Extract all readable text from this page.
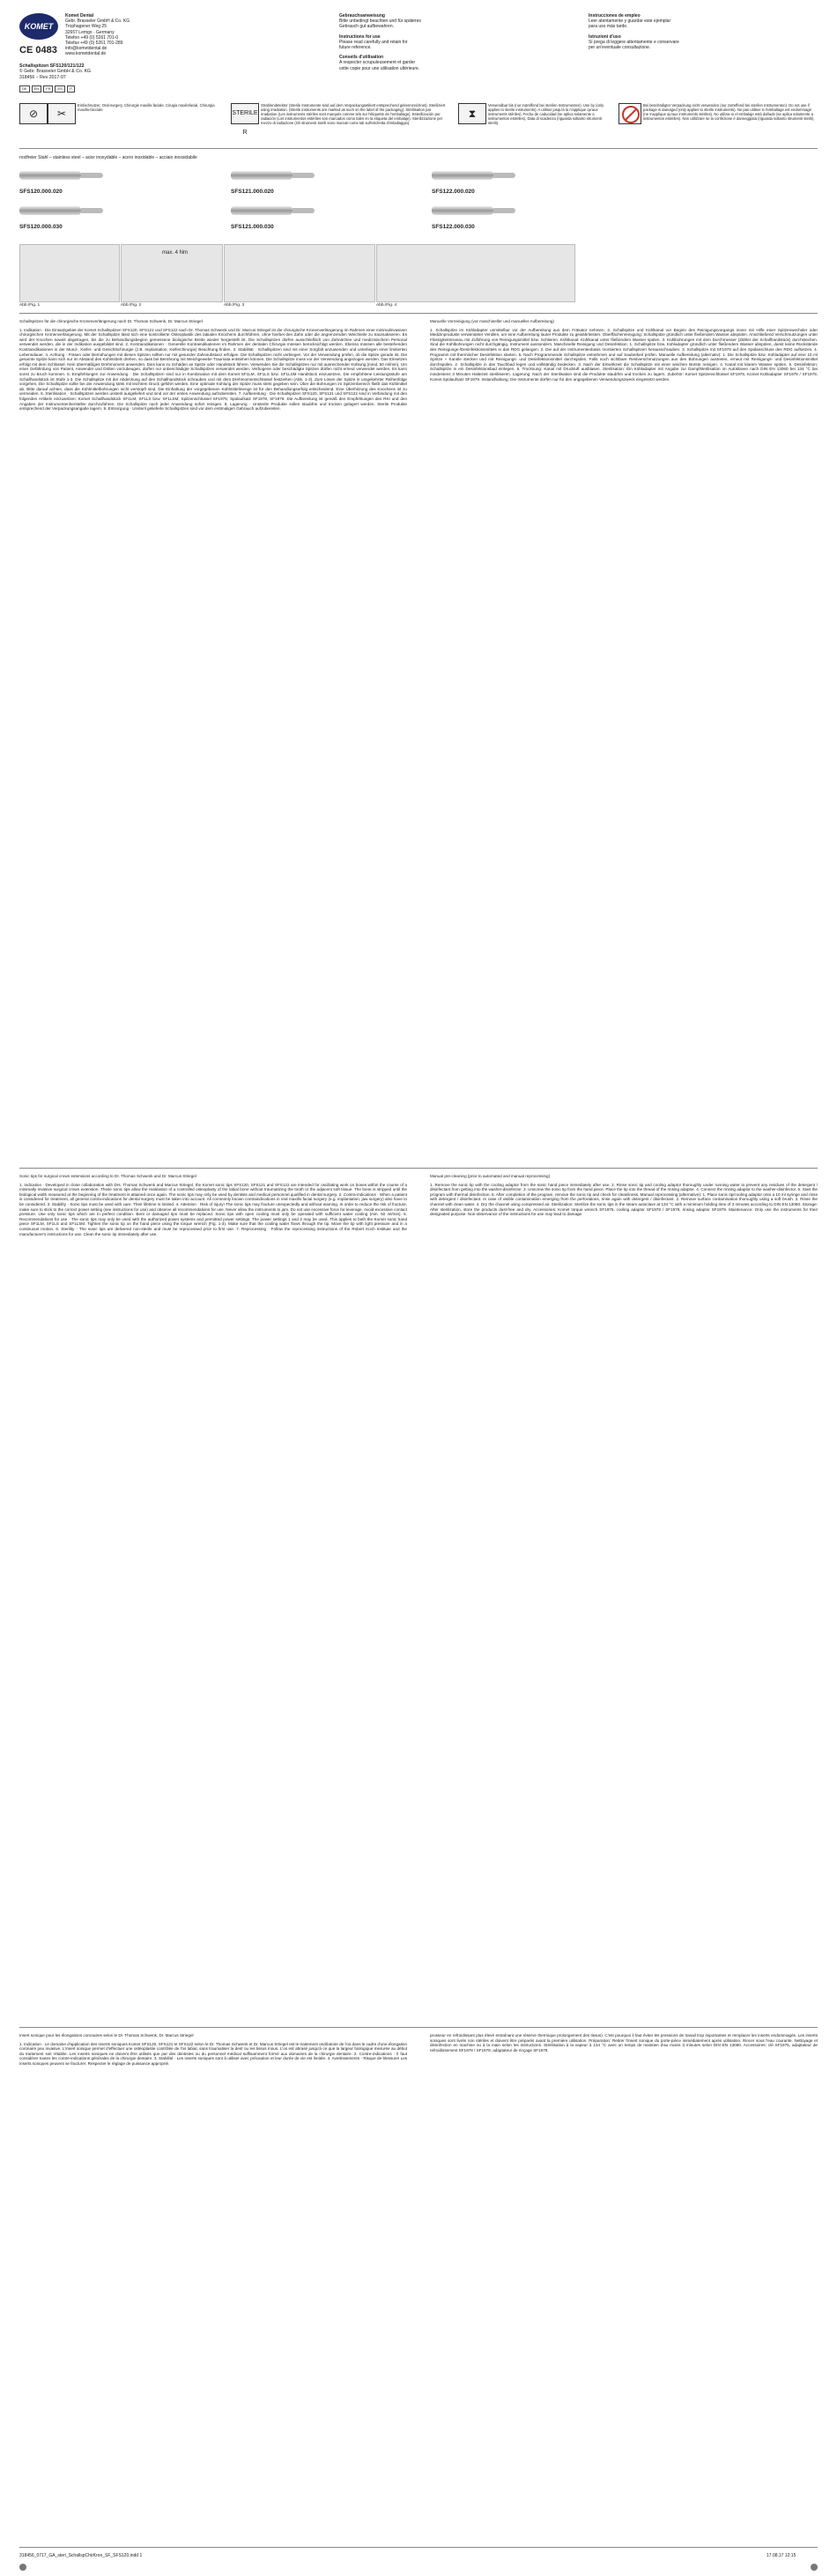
KOMET
Komet Dental
Gebr. Brasseler GmbH & Co. KG
Trophagener Weg 25
32657 Lemgo · Germany
Telefon +49 (0) 5261 701-0
Telefax +49 (0) 5261 701-289
info@kometdental.de
www.kometdental.de
CE 0483
Schallspitzen SFS120/121/122
© Gebr. Brasseler GmbH & Co. KG
318456 – Rev 2017-07
DE	EN	FR	ES	IT
Gebrauchsanweisung
Bitte unbedingt beachten und für späteres
Gebrauch gut aufbewahren.
Instructions for use
Please read carefully and retain for
future reference.
Conseils d'utilisation
A respecter scrupuleusement et garder
cette copie pour une utilisation ultérieure.
Instrucciones de empleo
Leer atentamente y guardar este ejemplar
para uso más tarde.
Istruzioni d'uso
Si prega di leggere attentamente e conservare
per un'eventuale consultazione.
⊘	✂
Einfachnutzer, Oral-surgery, Chirurgie maxillo-faciale, Cirugia maxilofacial, Chirurgia maxillo-facciale
STERILE R
Strahlendetektor (Sterile Instrumente sind auf dem Verpackungsetikett entsprechend gekennzeichnet). Steriliziert using irradiation. (Sterile instruments are marked as such on the label of the packaging). Stérilisation par irradiation (Les instruments stériles sont marqués comme tels sur l'étiquette de l'emballage). Esterilización por radiación (Los instrumentos estériles son marcados como tales en la etiqueta del embalaje). Sterilizzazione per mezzo di radiazione (Gli strumenti sterili sono marcati come tali sull'etichetta d'imballaggio).
⧗
Verwendbar bis (nur zutreffend bei sterilen Instrumenten). Use by (only applies to sterile instruments). A utiliser jusqu'à la n'applique qu'aux instruments stériles). Fecha de caducidad (se aplica solamente a instrumentos estériles). Data di scadenza (riguarda soltanto strumenti sterili).
Bei beschädigter Verpackung nicht verwenden (nur zutreffend bei sterilen Instrumenten). Do not use if package is damaged (only applies to sterile instruments). Ne pas utiliser si l'emballage est endommagé (ne s'applique qu'aux instruments stériles). No utilizar si el embalaje está dañado (se aplica solamente a instrumentos estériles). Non utilizzare se la confezione è danneggiata (riguarda soltanto strumenti sterili).
rostfreier Stahl – stainless steel – acier inoxydable – acero inoxidable – acciaio inossidabile
SFS120.000.020	SFS121.000.020	SFS122.000.020
SFS120.000.030	SFS121.000.030	SFS122.000.030
Abb./Fig. 1
max. 4 Nm
Abb./Fig. 2	Abb./Fig. 3	Abb./Fig. 4

Schallspitzen für die chirurgische Kronenverlängerung nach Dr. Thomas Schwenk, Dr. Marcus Striegel

1. Indikation · Die Einsatzgebiet der Komet Schallspitzen SFS120, SFS121 und SFS122 nach Dr. Thomas Schwenk und Dr. Marcus Striegel ist die chirurgische Kronenverlängerung im Rahmen einer minimalinvasiven chirurgischen Kronenverlängerung. Mit der Schallspitze lässt sich eine kontrollierte Osteoplastik des labialen Knochens durchführen, ohne hierbei den Zahn oder die angrenzenden Weichteile zu traumatisieren. Es wird der Knochen soweit abgetragen, bis die zu Behandlungsbeginn gemessene biologische Breite wieder hergestellt ist. Die Schallspitzen dürfen ausschließlich von Zahnärzten und medizinischem Personal verwendet werden, die in der Indikation ausgebildet sind. 2. Kontraindikationen · Generelle Kontraindikationen im Rahmen der dentalen Chirurgie müssen berücksichtigt werden. Ebenso müssen alle bestehenden Kontraindikationen in der Mund-, Kiefer- und Gesichtschirurgie (z.B. Implantation, Kieferchirurgie) Beachtung finden. 3. Stabilität · Schallspitzen sind mit einer Sorgfalt anzuwenden und unterliegen einer limitierten Lebensdauer. 4. Achtung · Fräsen oder Bemühungen mit diesen Spitzen sollten nur mit gesunder Zahnsubstanz erfolgen. Die Schallspitzen nicht verbiegen. Vor der Verwendung prüfen, ob die Spitze gerade ist. Die gesamte Spitze kann sich nur im Abstand des Kühlmittels drehen, so dass bei Berührung mit Weichgewebe Traumata entstehen können. Die Schallspitze muss vor der Verwendung angezogen werden. Das Einsetzen erfolgt mit dem Schlüssel. Kein übermäßiges Drehmoment anwenden. Dies kann zu Schäden an Spitze oder Handstück führen. Verwenden Sie die Schallspitzen nur mit ausreichender Kühlung (mind. 50 ml/min). Um einer Gefährdung von Patient, Anwender und Dritten vorzubeugen, dürfen nur unbeschädigte Schallspitzen verwendet werden. Verbogene oder beschädigte Spitzen dürfen nicht erneut verwendet werden. Es kann sonst zu Bruch kommen. 5. Empfehlungen zur Anwendung · Die Schallspitzen sind nur in Kombination mit dem Komet SF1LM, SF1LS bzw. SF1LSM Handstück einzusetzen. Die empfohlene Leistungsstufe am Schallhandstück ist Stufe 1-3. Die Schallspitze mit der Abdeckung auf den Schallhandstück schrauben und mit dem Drehmomentschlüssel festziehen (Abb. 1-3). Zum Lösen der Spitze in umgekehrter Reihenfolge vorgehen. Die Schallspitze sollte bei der Anwendung stets mit leichtem Druck geführt werden. Eine optimale Kühlung der Spitze muss stets gegeben sein. Über die Bohrungen im Spitzenbereich fließt das Kühlmittel ab. Bitte darauf achten, dass die Kühlmittelbohrungen nicht verstopft sind. Die Einhaltung der vorgegebenen Kühlmittelmenge ist für den Behandlungserfolg entscheidend. Eine Überhitzung des Knochens ist zu vermeiden. 6. Sterilisation · Schallspitzen werden unsteril ausgeliefert und sind vor der ersten Anwendung aufzubereiten. 7. Aufbereitung · Die Schallspitzen SFS120, SFS121 und SFS122 sind in Verbindung mit den folgenden Artikeln einzusetzen: Komet Schallhandstück SF1LM, SF1LS bzw. SF1LSM; Spitzenschlüssel SF1975; Spülaufsatz SF1978, SF1979. Die Aufbereitung ist gemäß den Empfehlungen des RKI und den Angaben der Instrumentenhersteller durchzuführen. Die Schallspitze nach jeder Anwendung sofort reinigen. 8. Lagerung · Unsterile Produkte sollen staubfrei und trocken gelagert werden. Sterile Produkte entsprechend der Verpackungsangabe lagern. 9. Entsorgung · Unsteril gelieferte Schallspitzen sind vor dem erstmaligen Gebrauch aufzubereiten.

Manuelle Vorreinigung (vor maschineller und manueller Aufbereitung)

1. Schallspitze im Kühladapter unmittelbar vor der Aufbereitung aus dem Fräsator nehmen. 2. Schallspitze und Kühlkanal vor Beginn des Reinigungsvorgangs innen mit Hilfe einer Spitzenwechsler oder Medizinprodukte verwendeter Ventilen, um eine Aufbereitung lauter Produkte zu gewährleisten. Oberflächenreinigung: Schallspitze gründlich unter fließendem Wasser abspülen. Anschließend Verschmutzungen unter Flüssigkeitsniveau mit Zuführung von Reinigungsmittel bzw. Schlieren. Kühlkanal: Kühlkanal unter fließendem Wasser spülen. 3. Kühlbohrungen mit dem Durchmesser (Zähler der Schallhandstück) durchstechen. Sind die Kühlbohrungen nicht durchgängig, Instrument aussondern. Maschinelle Reinigung und Desinfektion: 1. Schallspitze bzw. Kühladapter gründlich unter fließendem Wasser abspülen, damit keine Rückstände des Reinigungs-/Desinfektionsmittels in das RDG gelangen. 2. Die auf der Instrumentenbasis montierten Schallspitzen herausschrauben. 3. Schallspitze mit SF1979 auf den Spülanschluss des RDG aufsetzen. 4. Programm mit thermischer Desinfektion starten. 5. Nach Programmende Schallspitze entnehmen und auf Sauberkeit prüfen. Manuelle Aufbereitung (alternativ): 1. Die Schallspitze bzw. Kühladapter auf eine 10 ml Spritze + Kanüle stecken und mit Reinigungs- und Desinfektionsmittel durchspülen. Falls noch sichtbare Restverschmutzungen aus den Bohrungen austreten, erneut mit Reinigungs- und Desinfektionsmittel durchspülen. 2. Schallspitze in das Tauchbad legen und vollständig bedecken. 3. Nach der Einwirkzeit die Schallspitze mit einer weichen Bürste reinigen. 4. Kanal mit klarem Wasser spülen. 5. Desinfektion: Schallspitze in ein Desinfektionsbad einlegen. 6. Trocknung: Kanal mit Druckluft ausblasen. Sterilisation: Ein Kühladapter mit Angabe zur Dampfsterilisation im Autoklaven nach DIN EN 13060 bei 134 °C bei mindestens 3 Minuten Haltezeit sterilisieren. Lagerung: Nach der Sterilisation sind die Produkte staubfrei und trocken zu lagern. Zubehör: Komet Spitzenschlüssel SF1975, Komet Kühladapter SF1978 / SF1979, Komet Spülaufsatz SF1979. Instandhaltung: Die Instrumente dürfen nur für den angegebenen Verwendungszweck eingesetzt werden.

Sonic tips for surgical crown extensions according to Dr. Thomas Schwenk and Dr. Marcus Striegel

1. Indication · Developed in close collaboration with Drs. Thomas Schwenk and Marcus Striegel, the Komet sonic tips SFS120, SFS121 and SFS122 are intended for oscillating work on bones within the course of a minimally invasive surgical crown extension. These sonic tips allow the realization of a controlled osteoplasty of the labial bone without traumatizing the tooth or the adjacent soft tissue. The bone is stripped until the biological width measured at the beginning of the treatment is attained once again. The sonic tips may only be used by dentists and medical personnel qualified in dental surgery. 2. Contra-indications · When a patient is considered for treatment, all general contra-indications for dental surgery must be taken into account. All commonly known contraindications in oral maxillo facial surgery (e.g. implantation, jaw surgery) also have to be considered. 3. Stability · Sonic tips must be used with care. Their lifetime is limited. 4. Attention · Risk of injury! The sonic tips may fracture unexpectedly and without warning. In order to reduce the risk of fracture, make sure to stick to the correct power setting (see instructions for use) and observe all recommendations for use. Never allow the instruments to jam. Do not use excessive force for leverage. Avoid excessive contact pressure. Use only sonic tips which are in perfect condition. Bent or damaged tips must be replaced. Sonic tips with open cooling must only be operated with sufficient water cooling (min. 50 ml/min). 5. Recommendations for use · The sonic tips may only be used with the authorized power systems and permitted power settings. The power settings 1 and 2 may be used. This applies to both the Komet sonic hand piece SF1LM, SF1LS and SF1LSM. Tighten the sonic tip on the hand piece using the torque wrench (Fig. 1-3). Make sure that the cooling water flows through the tip. Move the tip with light pressure and in a continuous motion. 6. Sterility · The sonic tips are delivered non-sterile and must be reprocessed prior to first use. 7. Reprocessing · Follow the reprocessing instructions of the Robert Koch Institute and the manufacturer's instructions for use. Clean the sonic tip immediately after use.

Manual pre-cleaning (prior to automated and manual reprocessing)

1. Remove the sonic tip with the cooling adaptor from the sonic hand piece immediately after use. 2. Rinse sonic tip and cooling adaptor thoroughly under running water to prevent any residues of the detergent / disinfectant from getting into the washer-disinfector. 3. Unscrew the sonic tip from the hand piece. Place the tip into the thread of the rinsing adaptor. 4. Connect the rinsing adaptor to the washer-disinfector. 5. Start the program with thermal disinfection. 6. After completion of the program, remove the sonic tip and check for cleanliness. Manual reprocessing (alternative): 1. Place sonic tip/cooling adaptor onto a 10 ml syringe and rinse with detergent / disinfectant. In case of visible contamination emerging from the perforations, rinse again with detergent / disinfectant. 2. Remove surface contamination thoroughly using a soft brush. 3. Rinse the channel with clean water. 4. Dry the channel using compressed air. Sterilization: Sterilize the sonic tips in the steam autoclave at 134 °C with a minimum holding time of 3 minutes according to DIN EN 13060. Storage: After sterilization, store the products dust-free and dry. Accessories: Komet torque wrench SF1975, cooling adaptor SF1978 / SF1979, rinsing adaptor SF1979. Maintenance: Only use the instruments for their designated purpose. Non-observance of the instructions for use may lead to damage.

Insert sonique pour les élongations coronaires selon le Dr. Thomas Schwenk, Dr. Marcus Striegel

1. Indication · Le domaine d'application des inserts soniques Komet SFS120, SFS121 et SFS122 selon le Dr. Thomas Schwenk et Dr. Marcus Striegel est le traitement oscillatoire de l'os dans le cadre d'une élongation coronaire peu invasive. L'insert sonique permet d'effectuer une ostéoplastie contrôlée de l'os labial, sans traumatiser la dent ou les tissus mous. L'os est abrasé jusqu'à ce que la largeur biologique mesurée au début du traitement soit rétablie. Les inserts soniques ne doivent être utilisés que par des dentistes ou du personnel médical suffisamment formé aux domaines de la chirurgie dentaire. 2. Contre-indications · Il faut considérer toutes les contre-indications générales de la chirurgie dentaire. 3. Stabilité · Les inserts soniques sont à utiliser avec précaution et leur durée de vie est limitée. 4. Avertissements · Risque de blessure! Les inserts soniques peuvent se fracturer. Respecter le réglage de puissance approprié.

prosseur en refroidissant plus élevé entraînant une réserve thermique prolongement des tissus). C'est pourquoi il faut éviter les pressions de travail trop importantes et remplacer les inserts endommagés. Les inserts soniques sont livrés non stériles et doivent être préparés avant la première utilisation. Préparation: Retirer l'insert sonique du porte-pièce immédiatement après utilisation. Rincer sous l'eau courante. Nettoyage et désinfection en machine ou à la main selon les instructions. Stérilisation à la vapeur à 134 °C avec un temps de maintien d'au moins 3 minutes selon DIN EN 13060. Accessoires: clé SF1975, adaptateur de refroidissement SF1978 / SF1979, adaptateur de rinçage SF1979.

318456_0717_GA_steri_SchallspChirKron_SF_SFS120.indd 1	17.08.17 12:15
